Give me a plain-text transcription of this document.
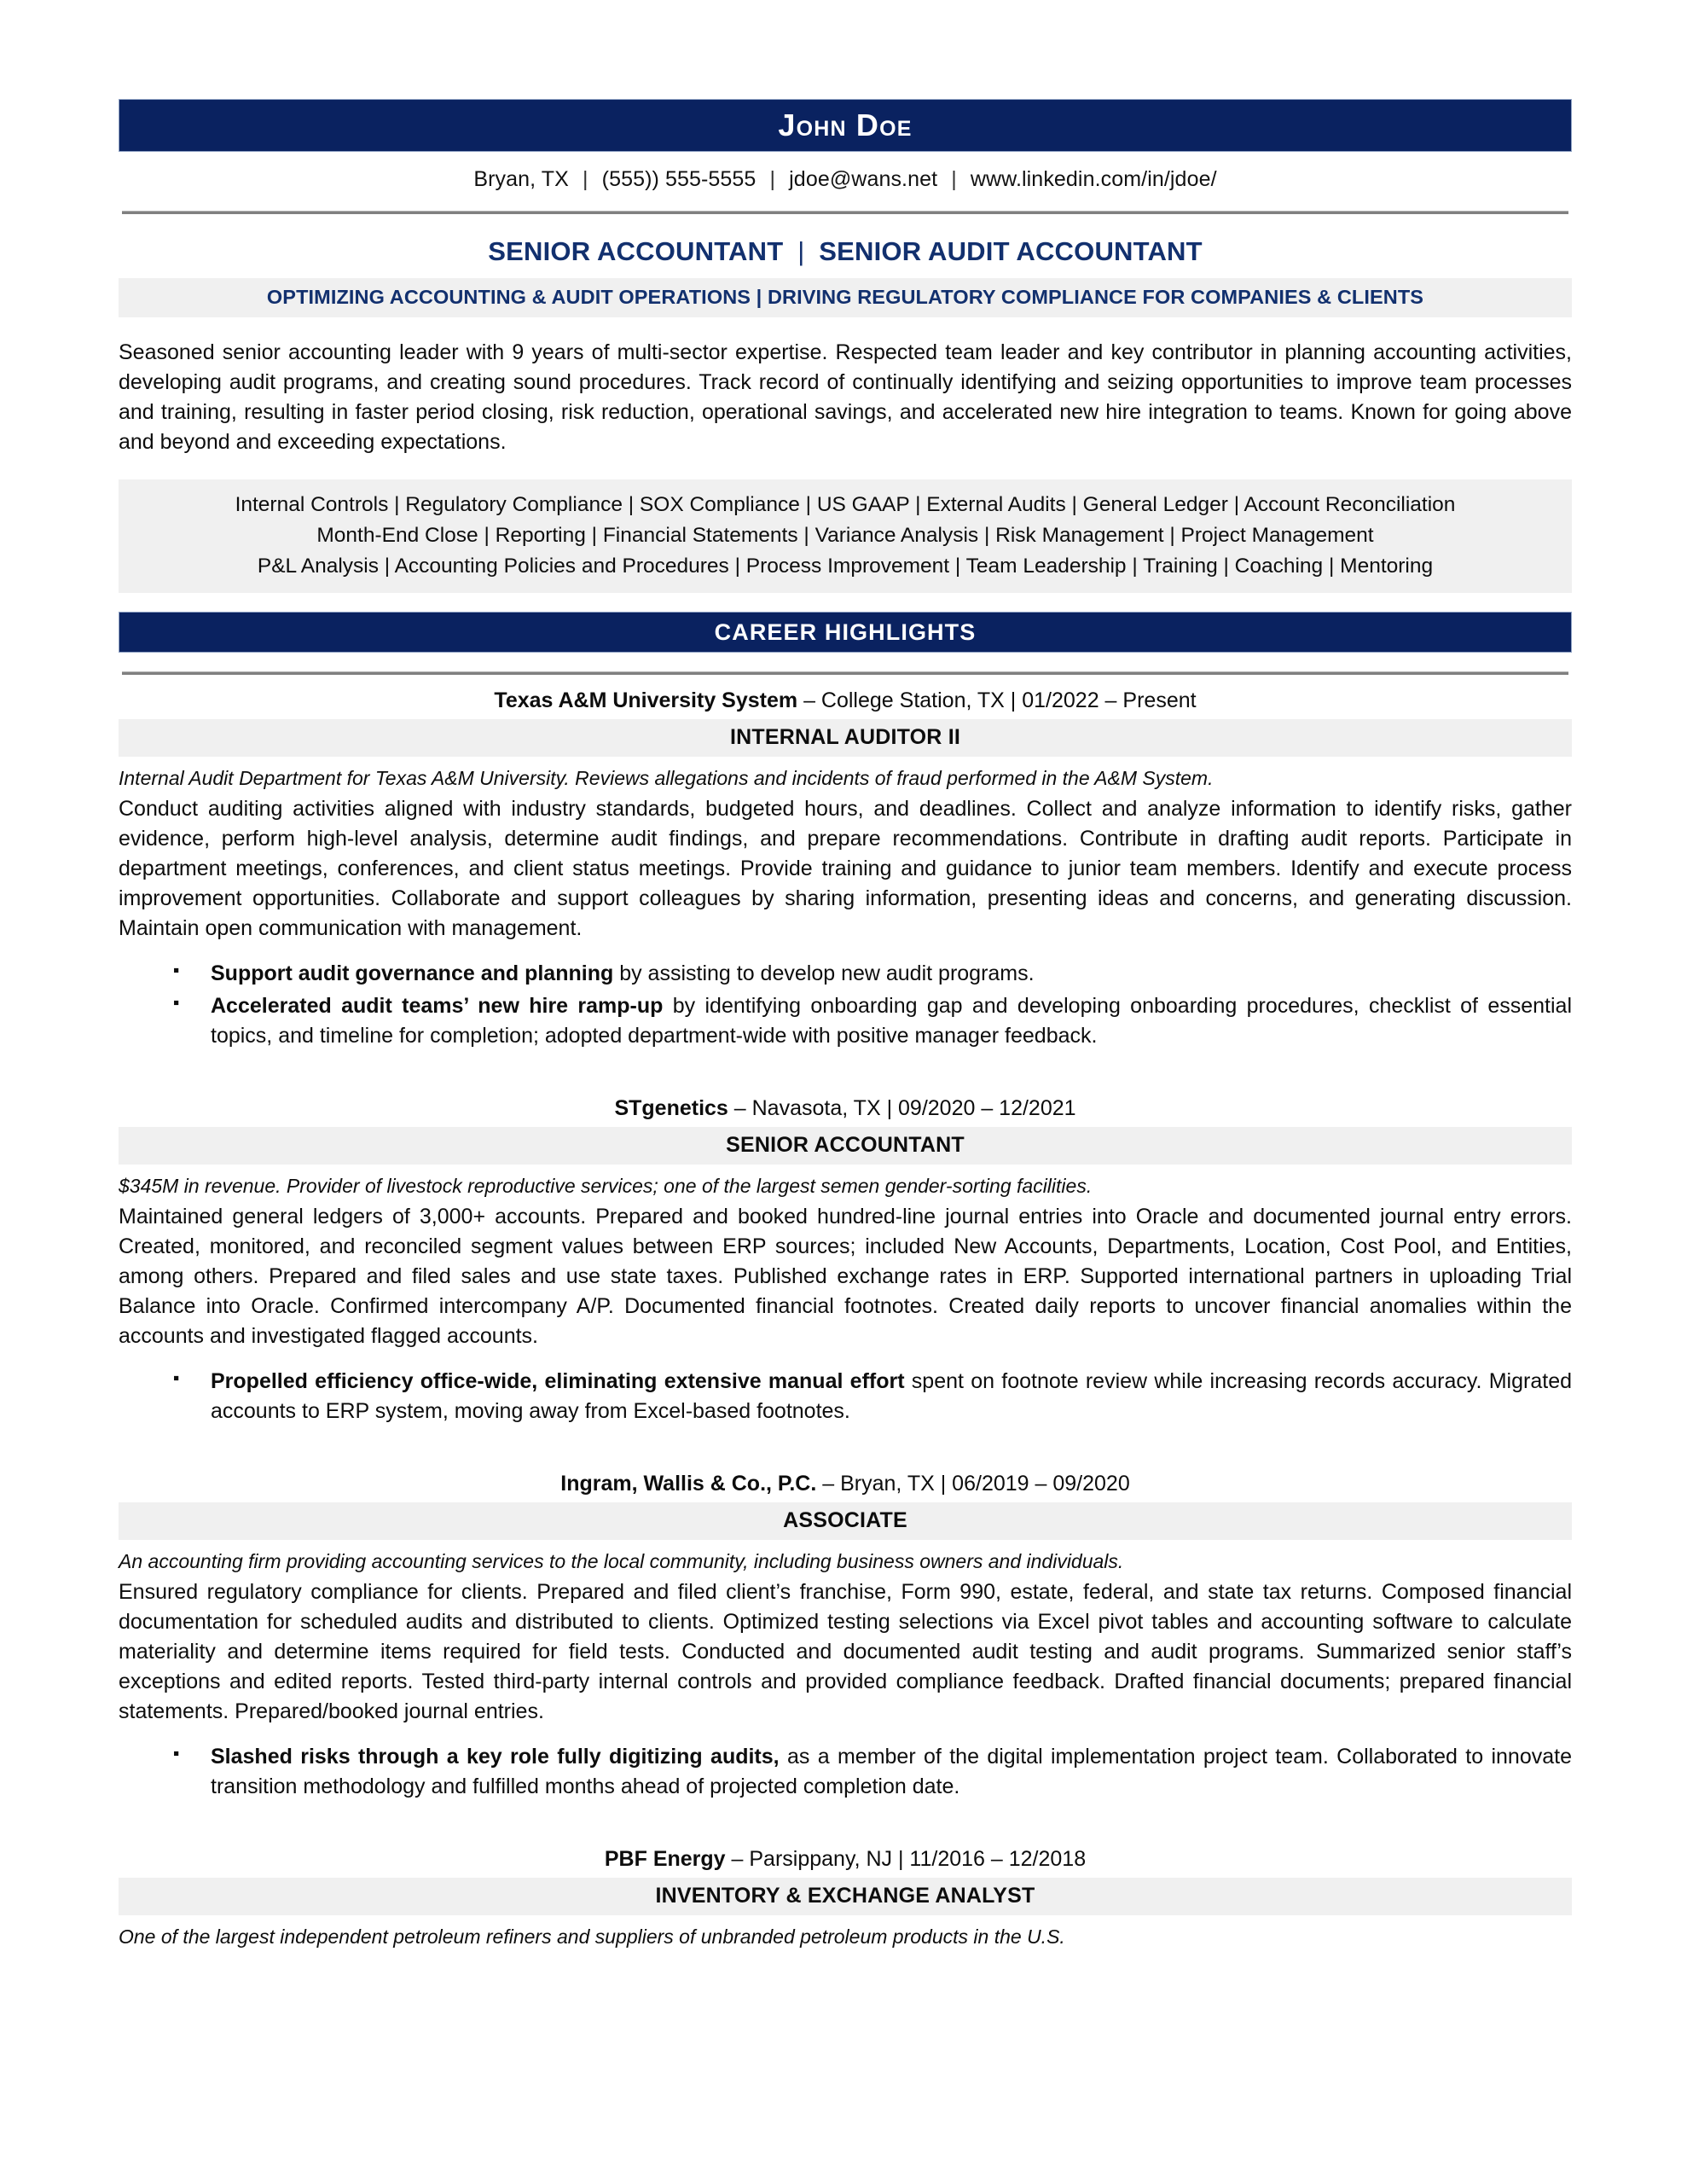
John Doe
Bryan, TX | (555)) 555-5555 | jdoe@wans.net | www.linkedin.com/in/jdoe/
SENIOR ACCOUNTANT | SENIOR AUDIT ACCOUNTANT
OPTIMIZING ACCOUNTING & AUDIT OPERATIONS | DRIVING REGULATORY COMPLIANCE FOR COMPANIES & CLIENTS
Seasoned senior accounting leader with 9 years of multi-sector expertise. Respected team leader and key contributor in planning accounting activities, developing audit programs, and creating sound procedures. Track record of continually identifying and seizing opportunities to improve team processes and training, resulting in faster period closing, risk reduction, operational savings, and accelerated new hire integration to teams. Known for going above and beyond and exceeding expectations.
Internal Controls | Regulatory Compliance | SOX Compliance | US GAAP | External Audits | General Ledger | Account Reconciliation
Month-End Close | Reporting | Financial Statements | Variance Analysis | Risk Management | Project Management
P&L Analysis | Accounting Policies and Procedures | Process Improvement | Team Leadership | Training | Coaching | Mentoring
CAREER HIGHLIGHTS
Texas A&M University System – College Station, TX | 01/2022 – Present
INTERNAL AUDITOR II
Internal Audit Department for Texas A&M University. Reviews allegations and incidents of fraud performed in the A&M System.
Conduct auditing activities aligned with industry standards, budgeted hours, and deadlines. Collect and analyze information to identify risks, gather evidence, perform high-level analysis, determine audit findings, and prepare recommendations. Contribute in drafting audit reports. Participate in department meetings, conferences, and client status meetings. Provide training and guidance to junior team members. Identify and execute process improvement opportunities. Collaborate and support colleagues by sharing information, presenting ideas and concerns, and generating discussion. Maintain open communication with management.
▪ Support audit governance and planning by assisting to develop new audit programs.
▪ Accelerated audit teams’ new hire ramp-up by identifying onboarding gap and developing onboarding procedures, checklist of essential topics, and timeline for completion; adopted department-wide with positive manager feedback.
STgenetics – Navasota, TX | 09/2020 – 12/2021
SENIOR ACCOUNTANT
$345M in revenue. Provider of livestock reproductive services; one of the largest semen gender-sorting facilities.
Maintained general ledgers of 3,000+ accounts. Prepared and booked hundred-line journal entries into Oracle and documented journal entry errors. Created, monitored, and reconciled segment values between ERP sources; included New Accounts, Departments, Location, Cost Pool, and Entities, among others. Prepared and filed sales and use state taxes. Published exchange rates in ERP. Supported international partners in uploading Trial Balance into Oracle. Confirmed intercompany A/P. Documented financial footnotes. Created daily reports to uncover financial anomalies within the accounts and investigated flagged accounts.
▪ Propelled efficiency office-wide, eliminating extensive manual effort spent on footnote review while increasing records accuracy. Migrated accounts to ERP system, moving away from Excel-based footnotes.
Ingram, Wallis & Co., P.C. – Bryan, TX | 06/2019 – 09/2020
ASSOCIATE
An accounting firm providing accounting services to the local community, including business owners and individuals.
Ensured regulatory compliance for clients. Prepared and filed client’s franchise, Form 990, estate, federal, and state tax returns. Composed financial documentation for scheduled audits and distributed to clients. Optimized testing selections via Excel pivot tables and accounting software to calculate materiality and determine items required for field tests. Conducted and documented audit testing and audit programs. Summarized senior staff’s exceptions and edited reports. Tested third-party internal controls and provided compliance feedback. Drafted financial documents; prepared financial statements. Prepared/booked journal entries.
▪ Slashed risks through a key role fully digitizing audits, as a member of the digital implementation project team. Collaborated to innovate transition methodology and fulfilled months ahead of projected completion date.
PBF Energy – Parsippany, NJ | 11/2016 – 12/2018
INVENTORY & EXCHANGE ANALYST
One of the largest independent petroleum refiners and suppliers of unbranded petroleum products in the U.S.
